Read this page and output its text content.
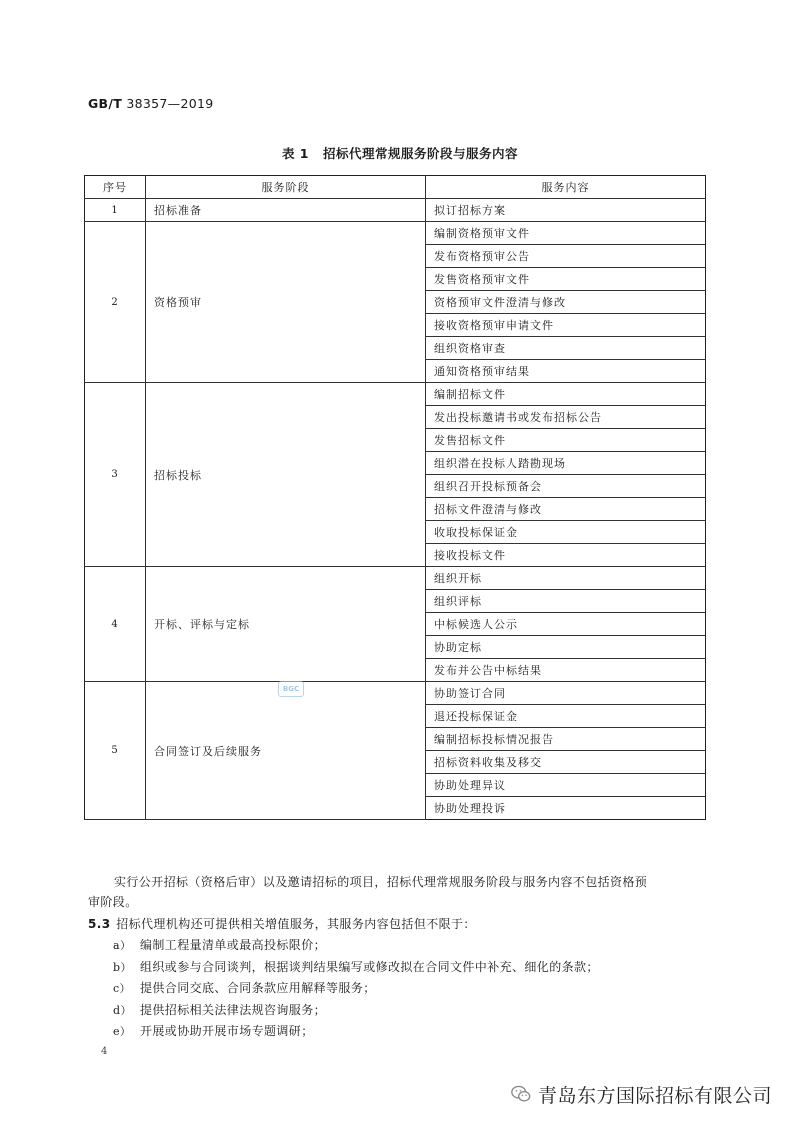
GB/T 38357—2019
表 1 招标代理常规服务阶段与服务内容
序号	服务阶段	服务内容
1	招标准备	拟订招标方案
2	资格预审	编制资格预审文件
		发布资格预审公告
		发售资格预审文件
		资格预审文件澄清与修改
		接收资格预审申请文件
		组织资格审查
		通知资格预审结果
3	招标投标	编制招标文件
		发出投标邀请书或发布招标公告
		发售招标文件
		组织潜在投标人踏勘现场
		组织召开投标预备会
		招标文件澄清与修改
		收取投标保证金
		接收投标文件
4	开标、评标与定标	组织开标
		组织评标
		中标候选人公示
		协助定标
		发布并公告中标结果
5	合同签订及后续服务	协助签订合同
		退还投标保证金
		编制招标投标情况报告
		招标资料收集及移交
		协助处理异议
		协助处理投诉
BGC
实行公开招标（资格后审）以及邀请招标的项目，招标代理常规服务阶段与服务内容不包括资格预
审阶段。
5.3 招标代理机构还可提供相关增值服务，其服务内容包括但不限于：
a） 编制工程量清单或最高投标限价；
b） 组织或参与合同谈判，根据谈判结果编写或修改拟在合同文件中补充、细化的条款；
c） 提供合同交底、合同条款应用解释等服务；
d） 提供招标相关法律法规咨询服务；
e） 开展或协助开展市场专题调研；
4
青岛东方国际招标有限公司
